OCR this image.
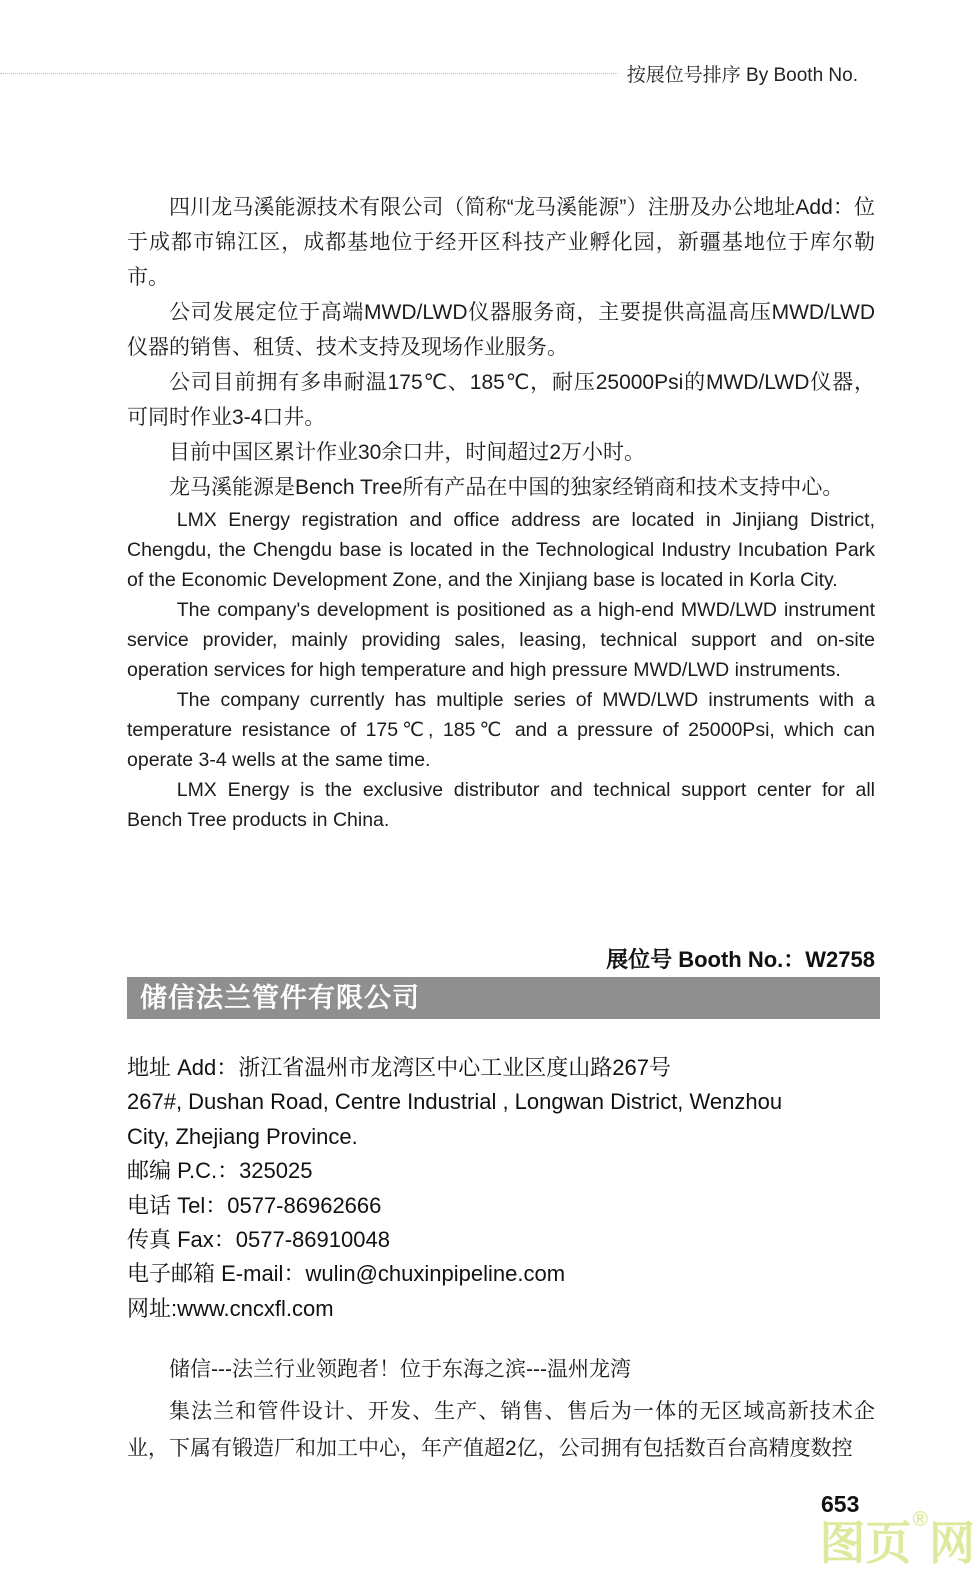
按展位号排序 By Booth No.

四川龙马溪能源技术有限公司（简称“龙马溪能源”）注册及办公地址Add：位于成都市锦江区，成都基地位于经开区科技产业孵化园，新疆基地位于库尔勒市。

公司发展定位于高端MWD/LWD仪器服务商，主要提供高温高压MWD/LWD仪器的销售、租赁、技术支持及现场作业服务。

公司目前拥有多串耐温175℃、185℃，耐压25000Psi的MWD/LWD仪器，可同时作业3-4口井。

目前中国区累计作业30余口井，时间超过2万小时。

龙马溪能源是Bench Tree所有产品在中国的独家经销商和技术支持中心。

LMX Energy registration and office address are located in Jinjiang District, Chengdu, the Chengdu base is located in the Technological Industry Incubation Park of the Economic Development Zone, and the Xinjiang base is located in Korla City.

The company's development is positioned as a high-end MWD/LWD instrument service provider, mainly providing sales, leasing, technical support and on-site operation services for high temperature and high pressure MWD/LWD instruments.

The company currently has multiple series of MWD/LWD instruments with a temperature resistance of 175℃, 185℃ and a pressure of 25000Psi, which can operate 3-4 wells at the same time.

LMX Energy is the exclusive distributor and technical support center for all Bench Tree products in China.

展位号 Booth No.：W2758
储信法兰管件有限公司
地址 Add：浙江省温州市龙湾区中心工业区度山路267号
267#, Dushan Road, Centre Industrial , Longwan District, Wenzhou
City, Zhejiang Province.
邮编 P.C.：325025
电话 Tel：0577-86962666
传真 Fax：0577-86910048
电子邮箱 E-mail：wulin@chuxinpipeline.com
网址:www.cncxfl.com

储信---法兰行业领跑者！位于东海之滨---温州龙湾

集法兰和管件设计、开发、生产、销售、售后为一体的无区域高新技术企业，下属有锻造厂和加工中心，年产值超2亿，公司拥有包括数百台高精度数控

653
图页®网
